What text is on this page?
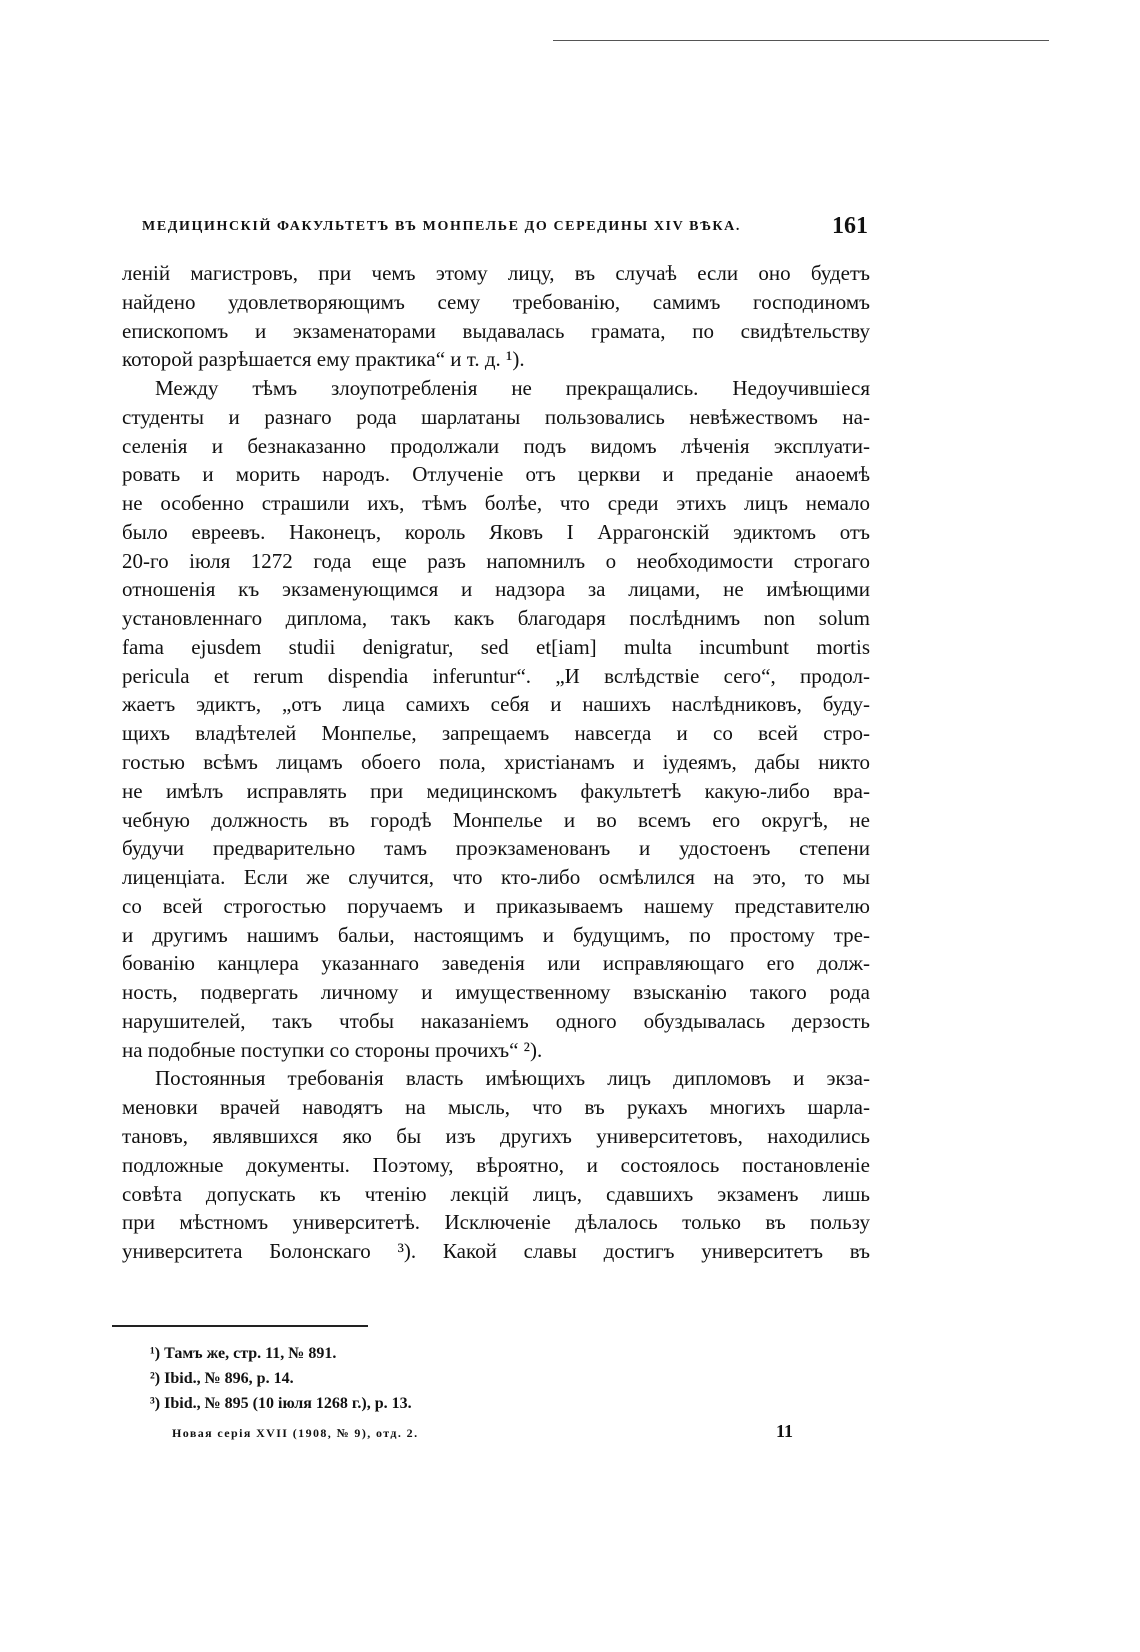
МЕДИЦИНСКІЙ ФАКУЛЬТЕТЪ ВЪ МОНПЕЛЬЕ ДО СЕРЕДИНЫ XIV ВѢКА.	161
леній магистровъ, при чемъ этому лицу, въ случаѣ если оно будетъ
найдено удовлетворяющимъ сему требованію, самимъ господиномъ
епископомъ и экзаменаторами выдавалась грамата, по свидѣтельству
которой разрѣшается ему практика“ и т. д. ¹).
Между тѣмъ злоупотребленія не прекращались. Недоучившіеся
студенты и разнаго рода шарлатаны пользовались невѣжествомъ на-
селенія и безнаказанно продолжали подъ видомъ лѣченія эксплуати-
ровать и морить народъ. Отлученіе отъ церкви и преданіе анаоемѣ
не особенно страшили ихъ, тѣмъ болѣе, что среди этихъ лицъ немало
было евреевъ. Наконецъ, король Яковъ I Аррагонскій эдиктомъ отъ
20-го іюля 1272 года еще разъ напомнилъ о необходимости строгаго
отношенія къ экзаменующимся и надзора за лицами, не имѣющими
установленнаго диплома, такъ какъ благодаря послѣднимъ non solum
fama ejusdem studii denigratur, sed et[iam] multa incumbunt mortis
pericula et rerum dispendia inferuntur“. „И вслѣдствіе сего“, продол-
жаетъ эдиктъ, „отъ лица самихъ себя и нашихъ наслѣдниковъ, буду-
щихъ владѣтелей Монпелье, запрещаемъ навсегда и со всей стро-
гостью всѣмъ лицамъ обоего пола, христіанамъ и іудеямъ, дабы никто
не имѣлъ исправлять при медицинскомъ факультетѣ какую-либо вра-
чебную должность въ городѣ Монпелье и во всемъ его округѣ, не
будучи предварительно тамъ проэкзаменованъ и удостоенъ степени
лиценціата. Если же случится, что кто-либо осмѣлился на это, то мы
со всей строгостью поручаемъ и приказываемъ нашему представителю
и другимъ нашимъ бальи, настоящимъ и будущимъ, по простому тре-
бованію канцлера указаннаго заведенія или исправляющаго его долж-
ность, подвергать личному и имущественному взысканію такого рода
нарушителей, такъ чтобы наказаніемъ одного обуздывалась дерзость
на подобные поступки со стороны прочихъ“ ²).
Постоянныя требованія власть имѣющихъ лицъ дипломовъ и экза-
меновки врачей наводятъ на мысль, что въ рукахъ многихъ шарла-
тановъ, являвшихся яко бы изъ другихъ университетовъ, находились
подложные документы. Поэтому, вѣроятно, и состоялось постановленіе
совѣта допускать къ чтенію лекцій лицъ, сдавшихъ экзаменъ лишь
при мѣстномъ университетѣ. Исключеніе дѣлалось только въ пользу
университета Болонскаго ³). Какой славы достигъ университетъ въ
¹) Тамъ же, стр. 11, № 891.
²) Ibid., № 896, p. 14.
³) Ibid., № 895 (10 іюля 1268 г.), p. 13.
Новая серія XVII (1908, № 9), отд. 2.	11
